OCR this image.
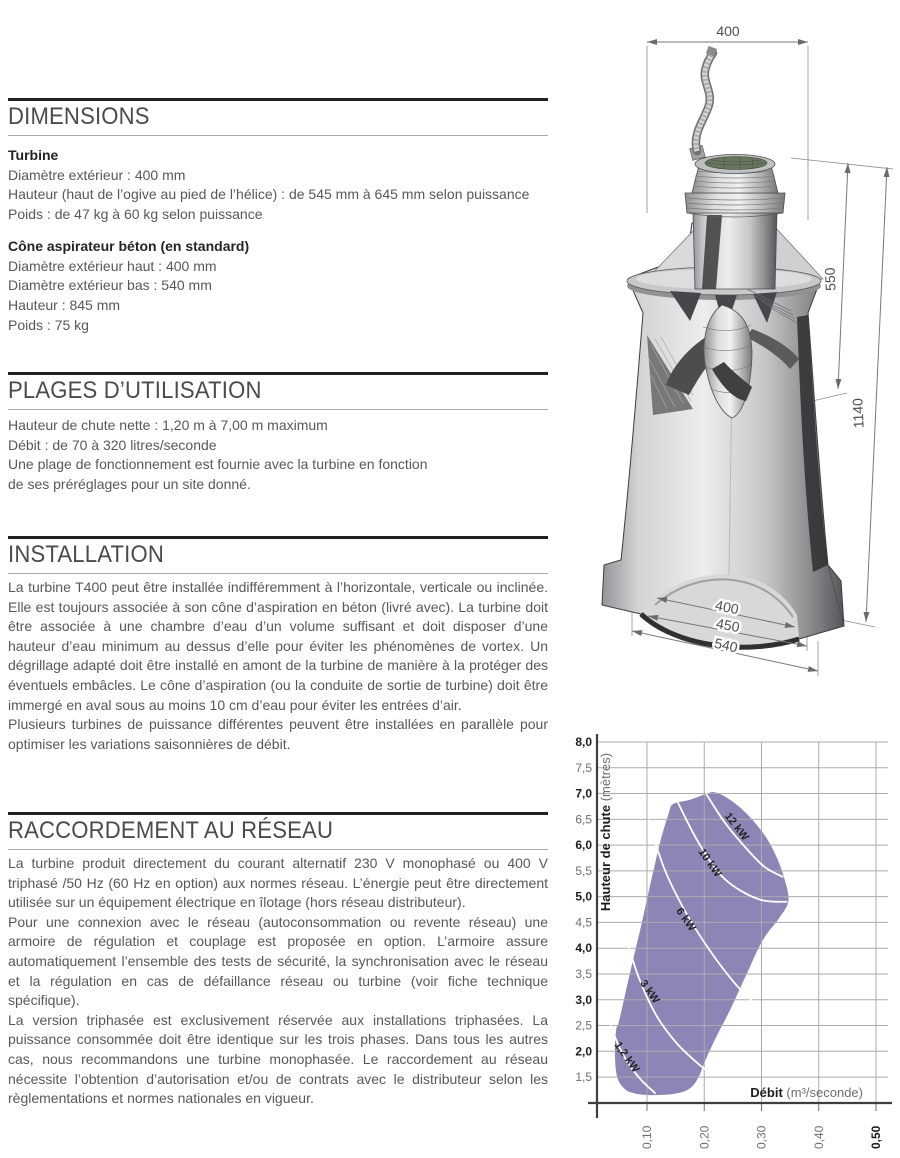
DIMENSIONS
Turbine
Diamètre extérieur : 400 mm
Hauteur (haut de l’ogive au pied de l’hélice) : de 545 mm à 645 mm selon puissance
Poids : de 47 kg à 60 kg selon puissance
Cône aspirateur béton (en standard)
Diamètre extérieur haut : 400 mm
Diamètre extérieur bas : 540 mm
Hauteur : 845 mm
Poids : 75 kg
PLAGES D’UTILISATION
Hauteur de chute nette : 1,20 m à 7,00 m maximum
Débit : de 70 à 320 litres/seconde
Une plage de fonctionnement est fournie avec la turbine en fonction
de ses préréglages pour un site donné.
INSTALLATION

La turbine T400 peut être installée indifféremment à l’horizontale, verticale ou inclinée. Elle est toujours associée à son cône d’aspiration en béton (livré avec). La turbine doit être associée à une chambre d’eau d’un volume suffisant et doit disposer d’une hauteur d’eau minimum au dessus d’elle pour éviter les phénomènes de vortex. Un dégrillage adapté doit être installé en amont de la turbine de manière à la protéger des éventuels embâcles. Le cône d’aspiration (ou la conduite de sortie de turbine) doit être immergé en aval sous au moins 10 cm d’eau pour éviter les entrées d’air.

Plusieurs turbines de puissance différentes peuvent être installées en parallèle pour optimiser les variations saisonnières de débit.

RACCORDEMENT AU RÉSEAU

La turbine produit directement du courant alternatif 230 V monophasé ou 400 V triphasé /50 Hz (60 Hz en option) aux normes réseau. L’énergie peut être directement utilisée sur un équipement électrique en îlotage (hors réseau distributeur).

Pour une connexion avec le réseau (autoconsommation ou revente réseau) une armoire de régulation et couplage est proposée en option. L’armoire assure automatiquement l’ensemble des tests de sécurité, la synchronisation avec le réseau et la régulation en cas de défaillance réseau ou turbine (voir fiche technique spécifique).

La version triphasée est exclusivement réservée aux installations triphasées. La puissance consommée doit être identique sur les trois phases. Dans tous les autres cas, nous recommandons une turbine monophasée. Le raccordement au réseau nécessite l’obtention d’autorisation et/ou de contrats avec le distributeur selon les règlementations et normes nationales en vigueur.

400
550
1140
400
450
540
1,2 kW
3 kW
6 kW
10 kW
12 kW
8,0
7,5
7,0
6,5
6,0
5,5
5,0
4,5
4,0
3,5
3,0
2,5
2,0
1,5
0,10	0,20	0,30	0,40	0,50
Débit (m³/seconde)
Hauteur de chute (mètres)
